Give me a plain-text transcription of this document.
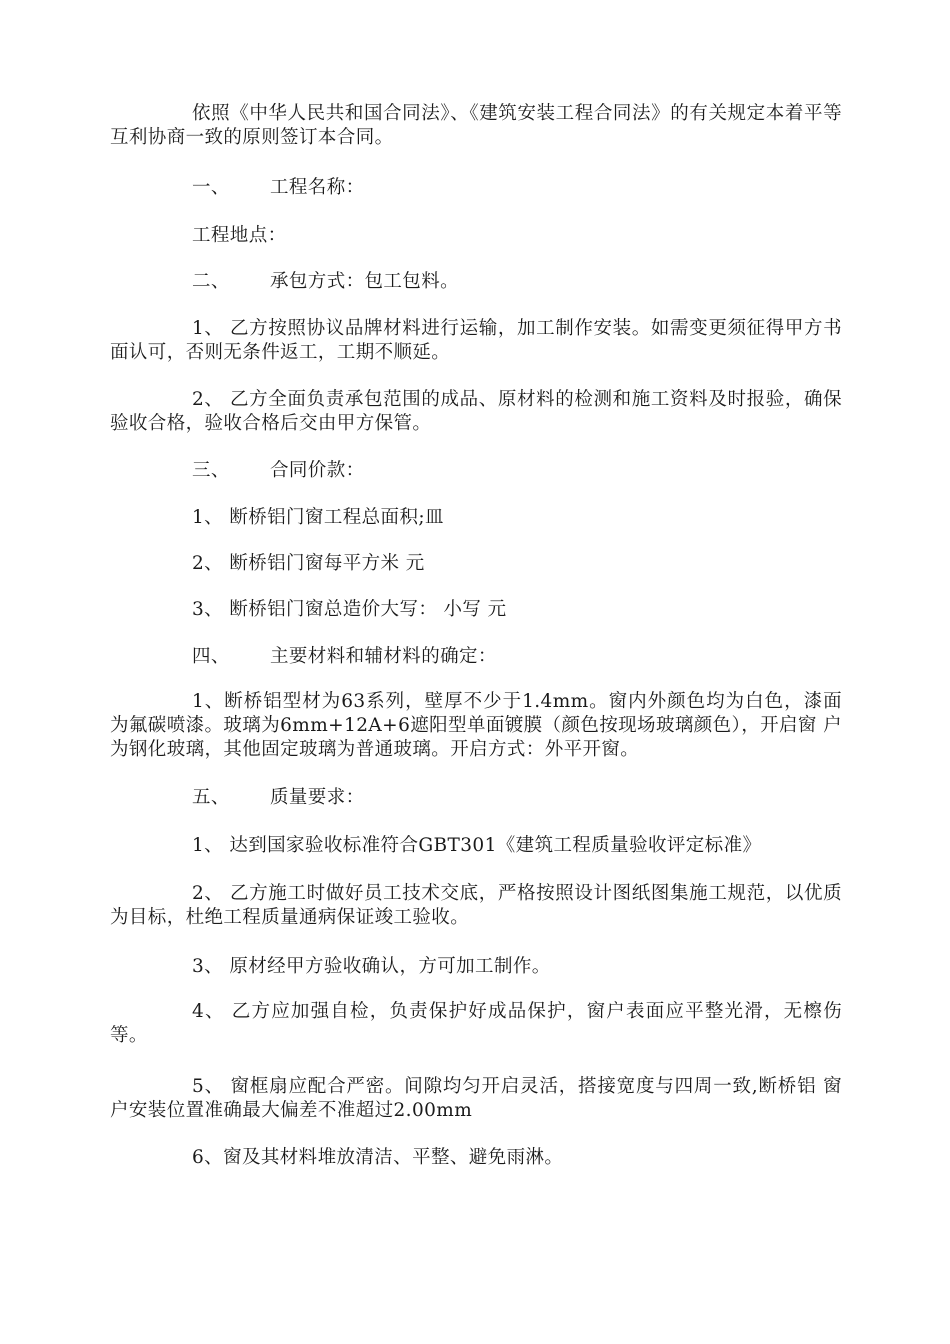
依照《中华人民共和国合同法》、《建筑安装工程合同法》的有关规定本着平等互利协商一致的原则签订本合同。

一、 工程名称：

工程地点：

二、 承包方式：包工包料。

1、 乙方按照协议品牌材料进行运输，加工制作安装。如需变更须征得甲方书面认可，否则无条件返工，工期不顺延。

2、 乙方全面负责承包范围的成品、原材料的检测和施工资料及时报验，确保验收合格，验收合格后交由甲方保管。

三、 合同价款：

1、 断桥铝门窗工程总面积;皿

2、 断桥铝门窗每平方米 元

3、 断桥铝门窗总造价大写： 小写 元

四、 主要材料和辅材料的确定：

1、断桥铝型材为63系列，壁厚不少于1.4mm。窗内外颜色均为白色，漆面为氟碳喷漆。玻璃为6mm+12A+6遮阳型单面镀膜（颜色按现场玻璃颜色），开启窗 户为钢化玻璃，其他固定玻璃为普通玻璃。开启方式：外平开窗。

五、 质量要求：

1、 达到国家验收标准符合GBT301《建筑工程质量验收评定标准》

2、 乙方施工时做好员工技术交底，严格按照设计图纸图集施工规范，以优质为目标，杜绝工程质量通病保证竣工验收。

3、 原材经甲方验收确认，方可加工制作。

4、 乙方应加强自检，负责保护好成品保护，窗户表面应平整光滑，无檫伤等。

5、 窗框扇应配合严密。间隙均匀开启灵活，搭接宽度与四周一致,断桥铝 窗户安装位置准确最大偏差不准超过2.00mm

6、窗及其材料堆放清洁、平整、避免雨淋。
